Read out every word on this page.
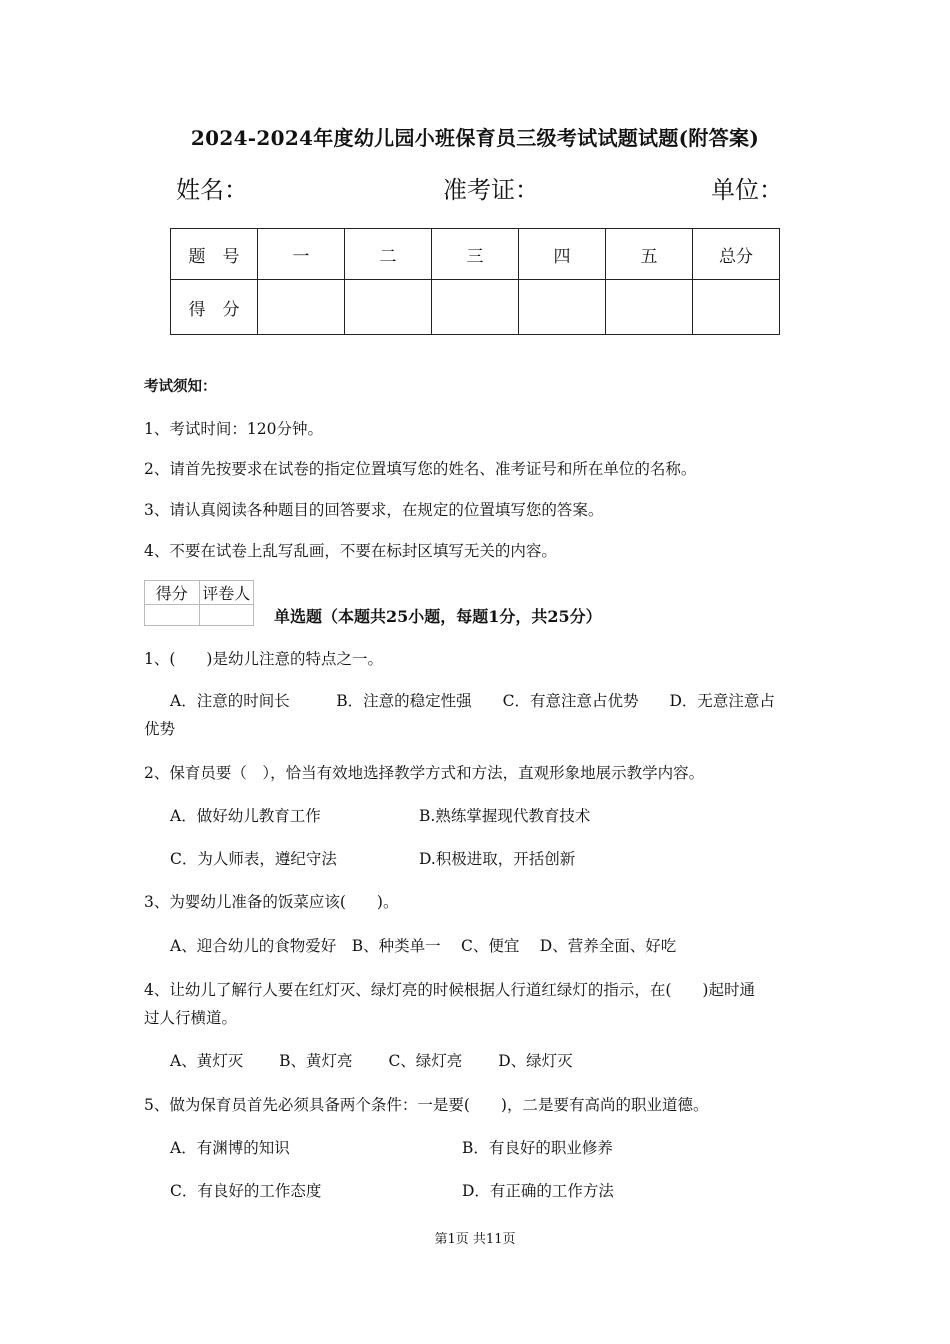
2024-2024年度幼儿园小班保育员三级考试试题试题(附答案)
姓名：	准考证：	单位：
题　号	一	二	三	四	五	总分
得　分						
考试须知：
1、考试时间：120分钟。
2、请首先按要求在试卷的指定位置填写您的姓名、准考证号和所在单位的名称。
3、请认真阅读各种题目的回答要求，在规定的位置填写您的答案。
4、不要在试卷上乱写乱画，不要在标封区填写无关的内容。
得分	评卷人

单选题（本题共25小题，每题1分，共25分）
1、(　　)是幼儿注意的特点之一。
A．注意的时间长　　　B．注意的稳定性强　　C．有意注意占优势　　D．无意注意占
优势
2、保育员要（　），恰当有效地选择教学方式和方法，直观形象地展示教学内容。
A．做好幼儿教育工作	B.熟练掌握现代教育技术
C．为人师表，遵纪守法	D.积极进取，开括创新
3、为婴幼儿准备的饭菜应该(　　)。
A、迎合幼儿的食物爱好　B、种类单一　 C、便宜　 D、营养全面、好吃
4、让幼儿了解行人要在红灯灭、绿灯亮的时候根据人行道红绿灯的指示，在(　　)起时通
过人行横道。
A、黄灯灭　　 B、黄灯亮　　 C、绿灯亮　　 D、绿灯灭
5、做为保育员首先必须具备两个条件：一是要(　　)，二是要有高尚的职业道德。
A．有渊博的知识	B．有良好的职业修养
C．有良好的工作态度	D．有正确的工作方法
第1页 共11页
